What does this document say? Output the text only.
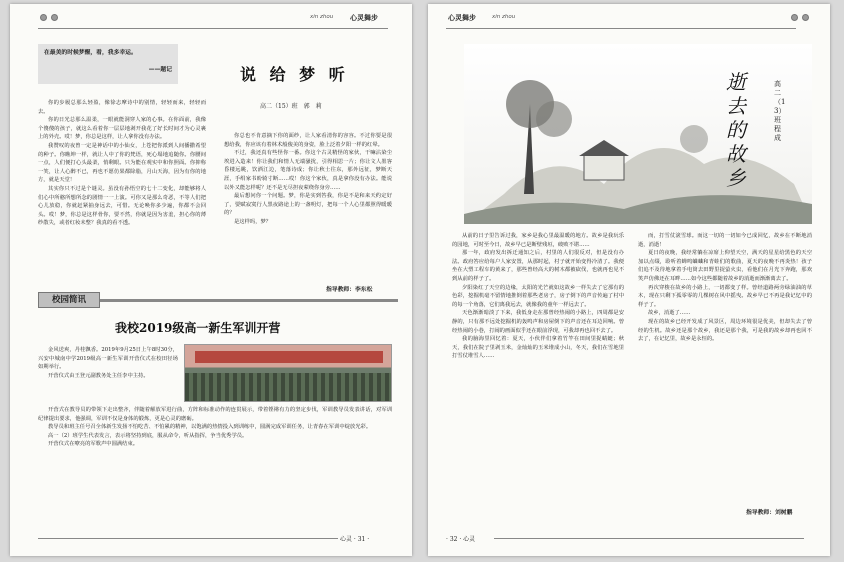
xin zhou 心灵舞步
在最美的时候梦醒，看，我多幸运。
——题记	说 给 梦 听
高二（15）班　郭　莉

你的步履总那么轻盈，像徐志摩诗中的别情，轻轻而来，轻轻而去。

你的日光总那么温柔，一眼就能洞穿人家的心事。在你面前，我像个傻傻的孩子，就这么看着你一层层地剥开我花了好长时间才为心灵裹上的外壳。哎！梦，你总是这样，让人拿你没有办法。

我赞叹的夜曾一定是神话中的小仙女，上苍把你派到人间播撒希望的种子。你瞧坤一样，就让人中了你的梵语，死心塌地追随你。你腰间一点，人们便打心头最柔，悄剩眼。只为能在观实中和你照面。你抑称一笑，让人心醉不已，再也不愿仿果都除脂，月山天海，因为有你的地方，就是天堂！

其实你只不过是个谜灵。虽没有孙悟空的七十二变化，却能够将人们心中所憨所想所念的剧情一一上演。可你又是那么奇恶，不等人们把心儿放稳，你就赶紧抽身远去，可惜。无论唤你多少遍，你都不会回头。哎！梦，你总是这样骨你，要不然，你就是因为害羞，担心你的薄纱散失，或者红妆未整？我真的看不透。

你总也不肯意摘下你的面纱，让人家看清你的容容。不过你要是很想给我，你应该有着林术般俊美的身姿，脸上泛着夕阳一样的红晕。

不过，我还真有些怪你一番。你这个古灵精怪的家伙，干嘛沾染尘埃进入造来！你让我们和情人无端骚扰，引得相思一片；你让文人墨客昏楼远眺，饮酒江边，笔落诗成；你让秋士往东，那外远征，梦断天涯，手绢家书盼骑寸断……哎！你这个家伙，真是拿你没有办法。能说以外又能怎样呢？还不是无尽担夜萦绕你身旁……

最后想问你一个问题。梦，你是实到答我，你是不是和来天约定好了，要赋寂寞行人黑夜路途上的一盏明灯，把每一个人心里都照得暖暖的？

是这样吗，梦？

指导教师：李东松
校园简讯
我校2019级高一新生军训开营

金风送爽，丹桂飘香。2019年9月25日上午8时30分，兴安中城南中学2019级高一新生军训开营仪式在校田径场如期举行。

开营仪式由王登元副教务处主任李中主持。

开营式在教导员的带领下走出整齐，伴随着解放军进行曲，方阵和标准动作的连贯展示，带着铿锵有力的坚定步伐，军训教导员发表讲话，对军训纪律提出要求，他强调，军训不仅是身体的锻炼，更是心灵的磨砺。

教导员和班主任号召全体新生发扬不怕吃苦、不怕累的精神，以饱满的热情投入到训练中，圆满完成军训任务，让青春在军训中绽放光彩。

高一（2）班学生代表发言，表示将坚持到底，服从命令，听从指挥，争当优秀学员。

开营仪式在嘹亮的军歌声中圆满结束。

心灵 · 31 ·
心灵舞步	xin zhou
逝去的故乡
高二（13）班 程 成

从前的日子里告诉过我，家乡是我心里最温暖的地方。故乡是我玩乐的园地，可时至今日，故乡早已是断壁残垣，破败不堪……

那一年，政府发出拆迁通知之后，村里的人们很反对，但是没有办法。政府答应给每户人家安置，从那时起，村子就开始变得冷清了。我便坐在大塑工程车的黄来了，那些曾经高大的树木都被砍伐，也就再也见不到从前的样子了。

夕阳染红了天空的边缘，太阳的光芒就如这故乡一样失去了它那有的色彩，挖掘机毫不留情地推倒着那些老房子，房子倒下的声音传遍了村中的每一个角落，它们离我远去，就像我的童年一样远去了。

天色渐渐暗淡了下来，我低身走在那曾经热闹的小路上，四周都是安静的，只有那不远处挖掘机的轰鸣声和房屋倒下的声音还在耳边回响。曾经热闹的小巷，打闹的画面似乎还在眼前浮现，可我却再也回不去了。

我的脑海里回忆着：夏天，小伙伴们拿着竹竿在田间里捉蜻蜓；秋天，我们在院子里剥玉米，金灿灿的玉米堆成小山，冬天，我们在雪地里打雪仗堆雪人……

而，打雪仗滚雪球。而这一切的一切如今已成回忆，故乡在不断地消逝，消逝！

夏日的夜晚，我经常躺在凉席上仰望天空，满天的星星给黑色的天空加以点缀，聆听着蝉鸣蛐蛐和青蛙们的歌曲，夏天的夜晚不再炎热！孩子们追不及待地拿着手电筒去田野里捉萤火虫，看他们在月光下奔跑，那欢笑声仿佛还在耳畔……如今这些都随着故乡的消逝而渐渐离去了。

再次穿梭在故乡的小路上，一切都变了样。曾经道路两旁绿油油的草木，现在只剩下孤零零的几棵树在风中摇曳。故乡早已不再是我记忆中的样子了。

故乡，消逝了……

现在的故乡已经开发成了风景区，周边环境很是优美，但却失去了曾经的生机。故乡还是那个故乡，我还是那个我，可是我的故乡却再也回不去了，在记忆里，故乡是永恒的。

指导教师：刘树鹏
· 32 · 心灵
